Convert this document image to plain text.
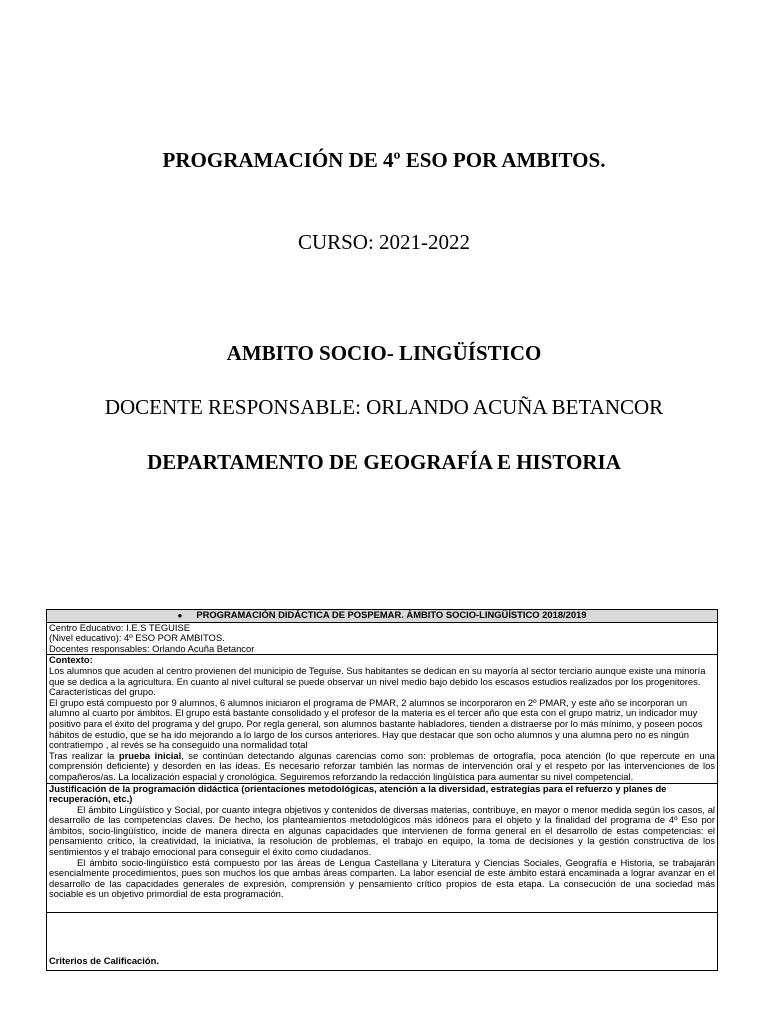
PROGRAMACIÓN DE 4º ESO POR AMBITOS.
CURSO: 2021-2022
AMBITO SOCIO- LINGÜÍSTICO
DOCENTE RESPONSABLE: ORLANDO ACUÑA BETANCOR
DEPARTAMENTO DE GEOGRAFÍA E HISTORIA
● PROGRAMACIÓN DIDÁCTICA DE POSPEMAR. ÁMBITO SOCIO-LINGÜÍSTICO 2018/2019

Centro Educativo: I.E.S TEGUISE

(Nivel educativo): 4º ESO POR AMBITOS.

Docentes responsables: Orlando Acuña Betancor

Contexto:

Los alumnos que acuden al centro provienen del municipio de Teguise. Sus habitantes se dedican en su mayoría al sector terciario aunque existe una minoría que se dedica a la agricultura. En cuanto al nivel cultural se puede observar un nivel medio bajo debido los escasos estudios realizados por los progenitores.

Características del grupo.

El grupo está compuesto por 9 alumnos, 6 alumnos iniciaron el programa de PMAR, 2 alumnos se incorporaron en 2º PMAR, y este año se incorporan un alumno al cuarto por ámbitos. El grupo está bastante consolidado y el profesor de la materia es el tercer año que esta con el grupo matriz, un indicador muy positivo para el éxito del programa y del grupo. Por regla general, son alumnos bastante habladores, tienden a distraerse por lo más mínimo, y poseen pocos hábitos de estudio, que se ha ido mejorando a lo largo de los cursos anteriores. Hay que destacar que son ocho alumnos y una alumna pero no es ningún contratiempo , al revés se ha conseguido una normalidad total

Tras realizar la prueba inicial, se continúan detectando algunas carencias como son: problemas de ortografía, poca atención (lo que repercute en una comprensión deficiente) y desorden en las ideas. Es necesario reforzar también las normas de intervención oral y el respeto por las intervenciones de los compañeros/as. La localización espacial y cronológica. Seguiremos reforzando la redacción lingüística para aumentar su nivel competencial.

Justificación de la programación didáctica (orientaciones metodológicas, atención a la diversidad, estrategias para el refuerzo y planes de recuperación, etc.)

El ámbito Lingüístico y Social, por cuanto integra objetivos y contenidos de diversas materias, contribuye, en mayor o menor medida según los casos, al desarrollo de las competencias claves. De hecho, los planteamientos metodológicos más idóneos para el objeto y la finalidad del programa de 4º Eso por ámbitos, socio-lingüístico, incide de manera directa en algunas capacidades que intervienen de forma general en el desarrollo de estas competencias: el pensamiento crítico, la creatividad, la iniciativa, la resolución de problemas, el trabajo en equipo, la toma de decisiones y la gestión constructiva de los sentimientos y el trabajo emocional para conseguir el éxito como ciudadanos.

El ámbito socio-lingüístico está compuesto por las áreas de Lengua Castellana y Literatura y Ciencias Sociales, Geografía e Historia, se trabajarán esencialmente procedimientos, pues son muchos los que ambas áreas comparten. La labor esencial de este ámbito estará encaminada a lograr avanzar en el desarrollo de las capacidades generales de expresión, comprensión y pensamiento crítico propios de esta etapa. La consecución de una sociedad más sociable es un objetivo primordial de esta programación.

Criterios de Calificación.
